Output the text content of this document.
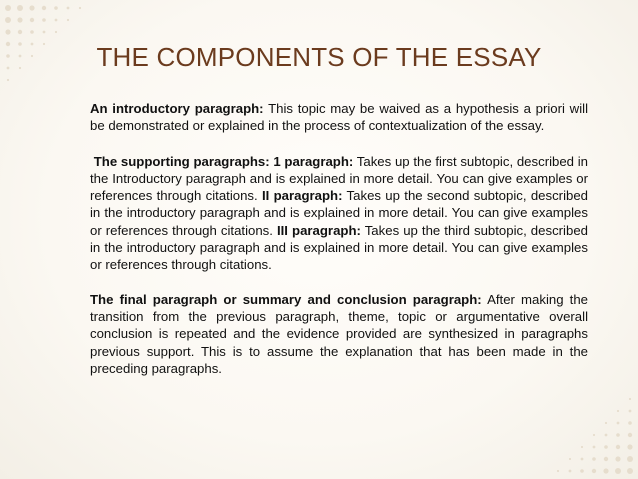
THE COMPONENTS OF THE ESSAY

An introductory paragraph: This topic may be waived as a hypothesis a priori will be demonstrated or explained in the process of contextualization of the essay.

The supporting paragraphs: 1 paragraph: Takes up the first subtopic, described in the Introductory paragraph and is explained in more detail. You can give examples or references through citations. II paragraph: Takes up the second subtopic, described in the introductory paragraph and is explained in more detail. You can give examples or references through citations. III paragraph: Takes up the third subtopic, described in the introductory paragraph and is explained in more detail. You can give examples or references through citations.

The final paragraph or summary and conclusion paragraph: After making the transition from the previous paragraph, theme, topic or argumentative overall conclusion is repeated and the evidence provided are synthesized in paragraphs previous support. This is to assume the explanation that has been made in the preceding paragraphs.
